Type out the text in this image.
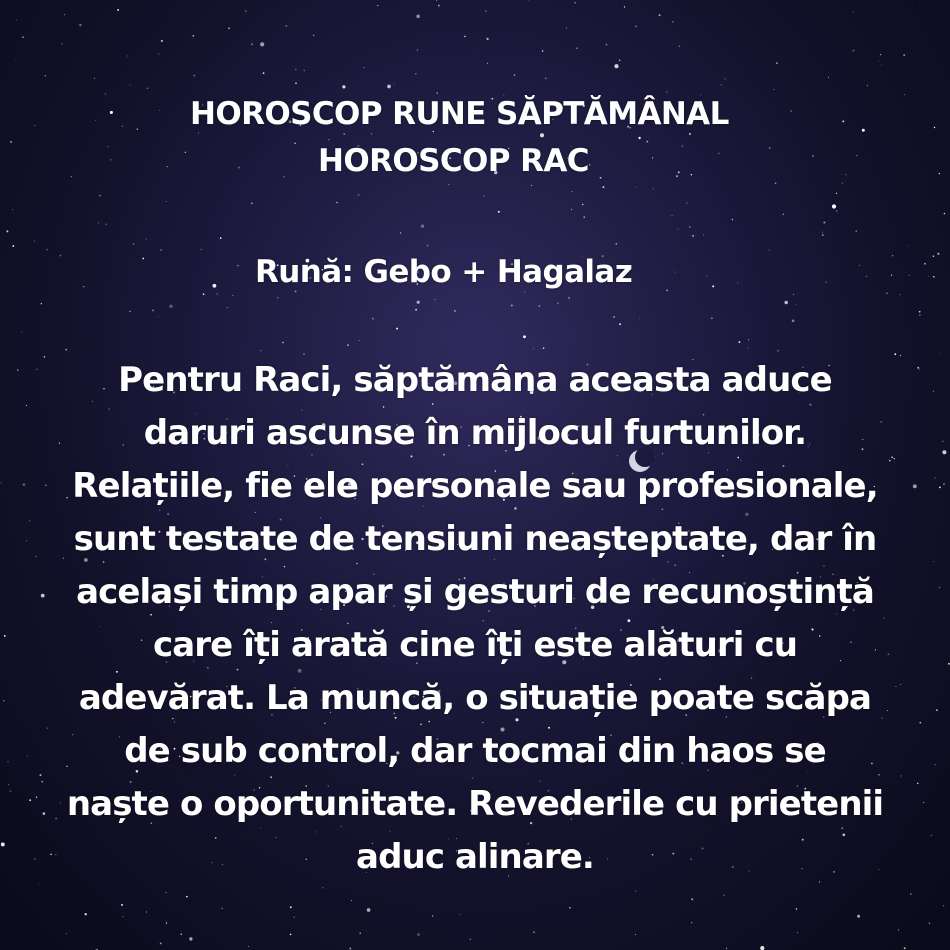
HOROSCOP RUNE SĂPTĂMÂNAL
HOROSCOP RAC
Rună: Gebo + Hagalaz
Pentru Raci, săptămâna aceasta aduce
daruri ascunse în mijlocul furtunilor.
Relațiile, fie ele personale sau profesionale,
sunt testate de tensiuni neașteptate, dar în
același timp apar și gesturi de recunoștință
care îți arată cine îți este alături cu
adevărat. La muncă, o situație poate scăpa
de sub control, dar tocmai din haos se
naște o oportunitate. Revederile cu prietenii
aduc alinare.
